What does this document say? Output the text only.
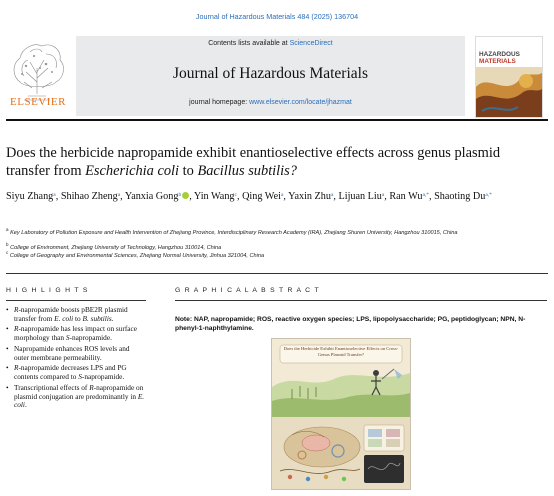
Journal of Hazardous Materials 484 (2025) 136704
ELSEVIER
Contents lists available at ScienceDirect
Journal of Hazardous Materials
journal homepage: www.elsevier.com/locate/jhazmat
HAZARDOUS
MATERIALS
Does the herbicide napropamide exhibit enantioselective effects across genus plasmid transfer from Escherichia coli to Bacillus subtilis?
Siyu Zhang$^a$, Shihao Zheng$^a$, Yanxia Gong$^b$ , Yin Wang$^c$, Qing Wei$^a$, Yaxin Zhu$^a$, Lijuan Liu$^a$, Ran $Wu^{a,*}$, Shaoting $Du^{a,*}$
$^a$ Key Laboratory of Pollution Exposure and Health Intervention of Zhejiang Province, Interdisciplinary Research Academy (IRA), Zhejiang Shuren University, Hangzhou 310015, China
$^b$ College of Environment, Zhejiang University of Technology, Hangzhou 310014, China
$^c$ College of Geography and Environmental Sciences, Zhejiang Normal University, Jinhua 321004, China
H I G H L I G H T S
• R-napropamide boosts pBE2R plasmid transfer from E. coli to B. subtilis.
• R-napropamide has less impact on surface morphology than S-napropamide.
• Napropamide enhances ROS levels and outer membrane permeability.
• R-napropamide decreases LPS and PG contents compared to S-napropamide.
• Transcriptional effects of R-napropamide on plasmid conjugation are predominantly in E. coli.
G R A P H I C A L A B S T R A C T
Note: NAP, napropamide; ROS, reactive oxygen species; LPS, lipopolysaccharide; PG, peptidoglycan; NPN, N-phenyl-1-naphthylamine.
Does the Herbicide Exhibit Enantioselective Effects on Cross-Genus Plasmid Transfer?
